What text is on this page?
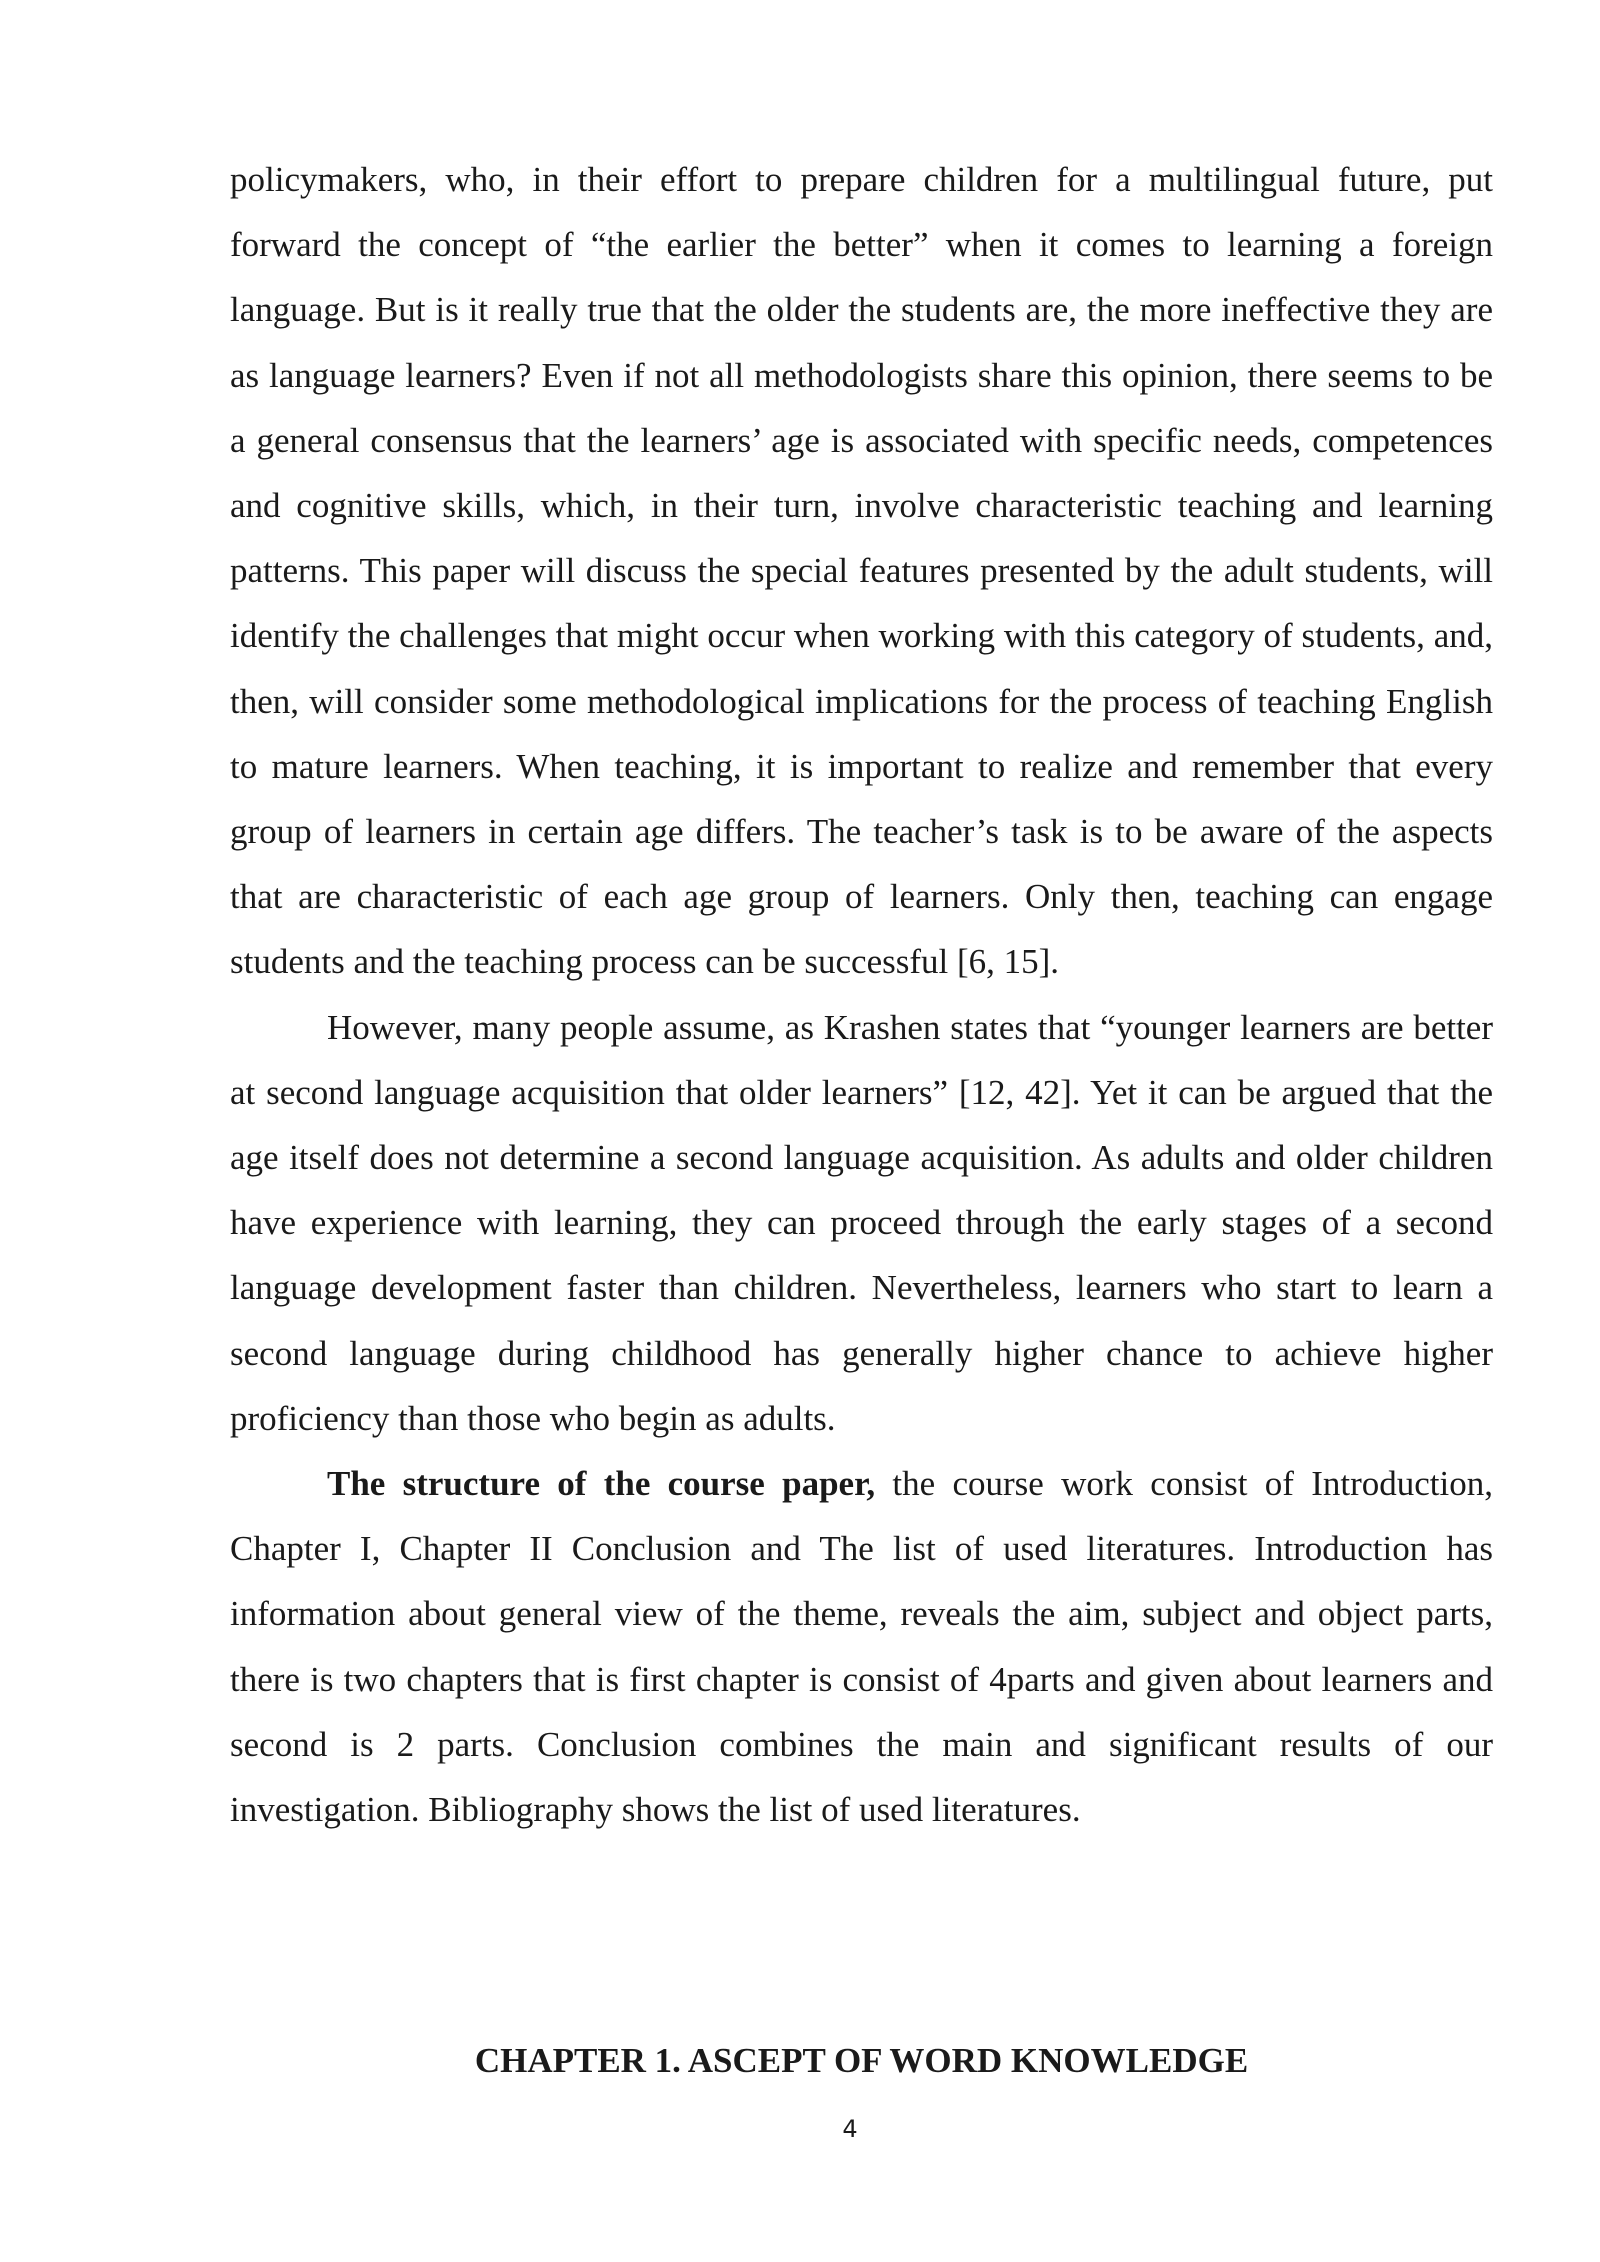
policymakers, who, in their effort to prepare children for a multilingual future, put forward the concept of “the earlier the better” when it comes to learning a foreign language. But is it really true that the older the students are, the more ineffective they are as language learners? Even if not all methodologists share this opinion, there seems to be a general consensus that the learners’ age is associated with specific needs, competences and cognitive skills, which, in their turn, involve characteristic teaching and learning patterns. This paper will discuss the special features presented by the adult students, will identify the challenges that might occur when working with this category of students, and, then, will consider some methodological implications for the process of teaching English to mature learners. When teaching, it is important to realize and remember that every group of learners in certain age differs. The teacher’s task is to be aware of the aspects that are characteristic of each age group of learners. Only then, teaching can engage students and the teaching process can be successful [6, 15].

However, many people assume, as Krashen states that “younger learners are better at second language acquisition that older learners” [12, 42]. Yet it can be argued that the age itself does not determine a second language acquisition. As adults and older children have experience with learning, they can proceed through the early stages of a second language development faster than children. Nevertheless, learners who start to learn a second language during childhood has generally higher chance to achieve higher proficiency than those who begin as adults.

The structure of the course paper, the course work consist of Introduction, Chapter I, Chapter II Conclusion and The list of used literatures. Introduction has information about general view of the theme, reveals the aim, subject and object parts, there is two chapters that is first chapter is consist of 4parts and given about learners and second is 2 parts. Conclusion combines the main and significant results of our investigation. Bibliography shows the list of used literatures.

CHAPTER 1. ASCEPT OF WORD KNOWLEDGE
4
